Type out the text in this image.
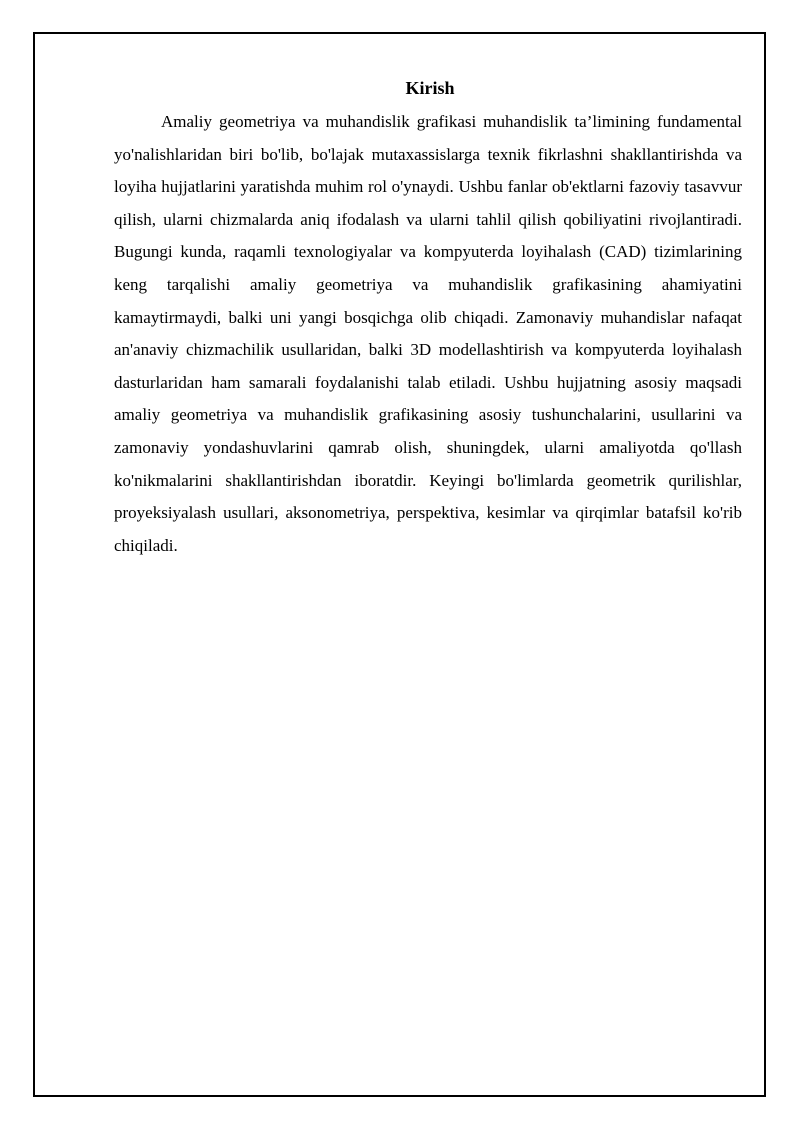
Kirish

Amaliy geometriya va muhandislik grafikasi muhandislik ta’limining fundamental yo'nalishlaridan biri bo'lib, bo'lajak mutaxassislarga texnik fikrlashni shakllantirishda va loyiha hujjatlarini yaratishda muhim rol o'ynaydi. Ushbu fanlar ob'ektlarni fazoviy tasavvur qilish, ularni chizmalarda aniq ifodalash va ularni tahlil qilish qobiliyatini rivojlantiradi. Bugungi kunda, raqamli texnologiyalar va kompyuterda loyihalash (CAD) tizimlarining keng tarqalishi amaliy geometriya va muhandislik grafikasining ahamiyatini kamaytirmaydi, balki uni yangi bosqichga olib chiqadi. Zamonaviy muhandislar nafaqat an'anaviy chizmachilik usullaridan, balki 3D modellashtirish va kompyuterda loyihalash dasturlaridan ham samarali foydalanishi talab etiladi. Ushbu hujjatning asosiy maqsadi amaliy geometriya va muhandislik grafikasining asosiy tushunchalarini, usullarini va zamonaviy yondashuvlarini qamrab olish, shuningdek, ularni amaliyotda qo'llash ko'nikmalarini shakllantirishdan iboratdir. Keyingi bo'limlarda geometrik qurilishlar, proyeksiyalash usullari, aksonometriya, perspektiva, kesimlar va qirqimlar batafsil ko'rib chiqiladi.
